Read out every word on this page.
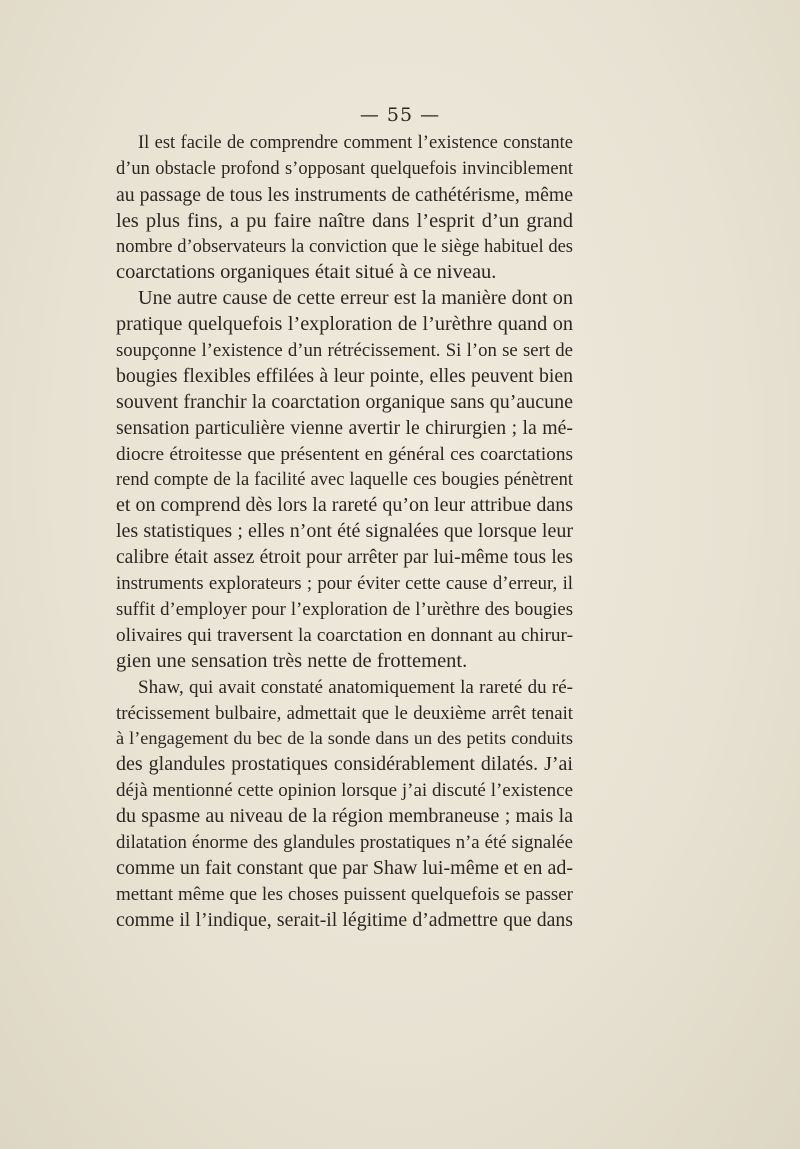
— 55 —
Il est facile de comprendre comment l’existence constante
d’un obstacle profond s’opposant quelquefois invinciblement
au passage de tous les instruments de cathétérisme, même
les plus fins, a pu faire naître dans l’esprit d’un grand
nombre d’observateurs la conviction que le siège habituel des
coarctations organiques était situé à ce niveau.
Une autre cause de cette erreur est la manière dont on
pratique quelquefois l’exploration de l’urèthre quand on
soupçonne l’existence d’un rétrécissement. Si l’on se sert de
bougies flexibles effilées à leur pointe, elles peuvent bien
souvent franchir la coarctation organique sans qu’aucune
sensation particulière vienne avertir le chirurgien ; la mé-
diocre étroitesse que présentent en général ces coarctations
rend compte de la facilité avec laquelle ces bougies pénètrent
et on comprend dès lors la rareté qu’on leur attribue dans
les statistiques ; elles n’ont été signalées que lorsque leur
calibre était assez étroit pour arrêter par lui-même tous les
instruments explorateurs ; pour éviter cette cause d’erreur, il
suffit d’employer pour l’exploration de l’urèthre des bougies
olivaires qui traversent la coarctation en donnant au chirur-
gien une sensation très nette de frottement.
Shaw, qui avait constaté anatomiquement la rareté du ré-
trécissement bulbaire, admettait que le deuxième arrêt tenait
à l’engagement du bec de la sonde dans un des petits conduits
des glandules prostatiques considérablement dilatés. J’ai
déjà mentionné cette opinion lorsque j’ai discuté l’existence
du spasme au niveau de la région membraneuse ; mais la
dilatation énorme des glandules prostatiques n’a été signalée
comme un fait constant que par Shaw lui-même et en ad-
mettant même que les choses puissent quelquefois se passer
comme il l’indique, serait-il légitime d’admettre que dans
